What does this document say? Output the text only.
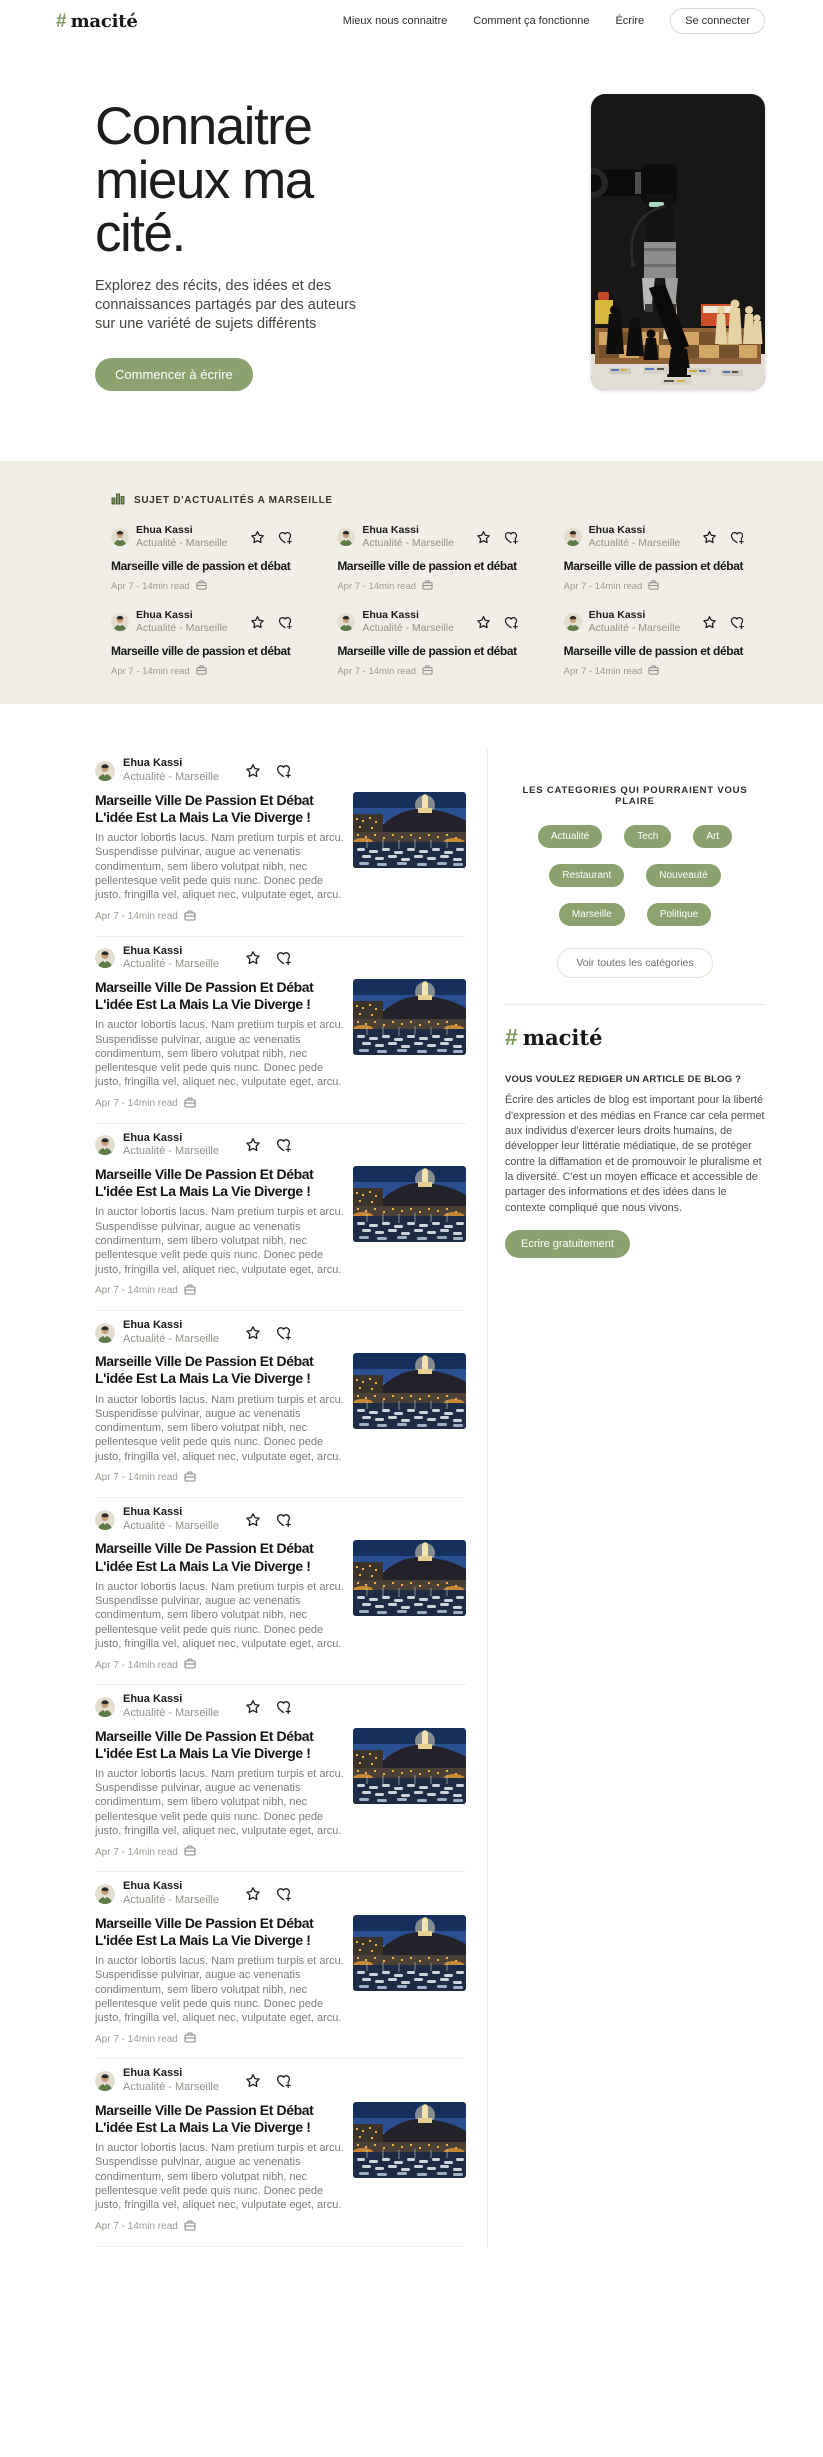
# macité	Mieux nous connaitre Comment ça fonctionne Écrire	Se connecter
Connaitre
mieux ma
cité.
Explorez des récits, des idées et des connaissances partagés par des auteurs sur une variété de sujets différents
Commencer à écrire
SUJET D'ACTUALITÉS A MARSEILLE
Ehua Kassi
Actualité - Marseille
Marseille ville de passion et débat
Apr 7 - 14min read
Ehua Kassi
Actualité - Marseille
Marseille ville de passion et débat
Apr 7 - 14min read
Ehua Kassi
Actualité - Marseille
Marseille ville de passion et débat
Apr 7 - 14min read
Ehua Kassi
Actualité - Marseille
Marseille ville de passion et débat
Apr 7 - 14min read
Ehua Kassi
Actualité - Marseille
Marseille ville de passion et débat
Apr 7 - 14min read
Ehua Kassi
Actualité - Marseille
Marseille ville de passion et débat
Apr 7 - 14min read
Ehua Kassi
Actualité - Marseille
Marseille Ville De Passion Et Débat L'idée Est La Mais La Vie Diverge !
In auctor lobortis lacus. Nam pretium turpis et arcu. Suspendisse pulvinar, augue ac venenatis condimentum, sem libero volutpat nibh, nec pellentesque velit pede quis nunc. Donec pede justo, fringilla vel, aliquet nec, vulputate eget, arcu.
Apr 7 - 14min read
Ehua Kassi
Actualité - Marseille
Marseille Ville De Passion Et Débat L'idée Est La Mais La Vie Diverge !
In auctor lobortis lacus. Nam pretium turpis et arcu. Suspendisse pulvinar, augue ac venenatis condimentum, sem libero volutpat nibh, nec pellentesque velit pede quis nunc. Donec pede justo, fringilla vel, aliquet nec, vulputate eget, arcu.
Apr 7 - 14min read
Ehua Kassi
Actualité - Marseille
Marseille Ville De Passion Et Débat L'idée Est La Mais La Vie Diverge !
In auctor lobortis lacus. Nam pretium turpis et arcu. Suspendisse pulvinar, augue ac venenatis condimentum, sem libero volutpat nibh, nec pellentesque velit pede quis nunc. Donec pede justo, fringilla vel, aliquet nec, vulputate eget, arcu.
Apr 7 - 14min read
Ehua Kassi
Actualité - Marseille
Marseille Ville De Passion Et Débat L'idée Est La Mais La Vie Diverge !
In auctor lobortis lacus. Nam pretium turpis et arcu. Suspendisse pulvinar, augue ac venenatis condimentum, sem libero volutpat nibh, nec pellentesque velit pede quis nunc. Donec pede justo, fringilla vel, aliquet nec, vulputate eget, arcu.
Apr 7 - 14min read
Ehua Kassi
Actualité - Marseille
Marseille Ville De Passion Et Débat L'idée Est La Mais La Vie Diverge !
In auctor lobortis lacus. Nam pretium turpis et arcu. Suspendisse pulvinar, augue ac venenatis condimentum, sem libero volutpat nibh, nec pellentesque velit pede quis nunc. Donec pede justo, fringilla vel, aliquet nec, vulputate eget, arcu.
Apr 7 - 14min read
Ehua Kassi
Actualité - Marseille
Marseille Ville De Passion Et Débat L'idée Est La Mais La Vie Diverge !
In auctor lobortis lacus. Nam pretium turpis et arcu. Suspendisse pulvinar, augue ac venenatis condimentum, sem libero volutpat nibh, nec pellentesque velit pede quis nunc. Donec pede justo, fringilla vel, aliquet nec, vulputate eget, arcu.
Apr 7 - 14min read
Ehua Kassi
Actualité - Marseille
Marseille Ville De Passion Et Débat L'idée Est La Mais La Vie Diverge !
In auctor lobortis lacus. Nam pretium turpis et arcu. Suspendisse pulvinar, augue ac venenatis condimentum, sem libero volutpat nibh, nec pellentesque velit pede quis nunc. Donec pede justo, fringilla vel, aliquet nec, vulputate eget, arcu.
Apr 7 - 14min read
Ehua Kassi
Actualité - Marseille
Marseille Ville De Passion Et Débat L'idée Est La Mais La Vie Diverge !
In auctor lobortis lacus. Nam pretium turpis et arcu. Suspendisse pulvinar, augue ac venenatis condimentum, sem libero volutpat nibh, nec pellentesque velit pede quis nunc. Donec pede justo, fringilla vel, aliquet nec, vulputate eget, arcu.
Apr 7 - 14min read
LES CATEGORIES QUI POURRAIENT VOUS PLAIRE
Actualité	Tech	Art
Restaurant	Nouveauté
Marseille	Politique
Voir toutes les catégories
# macité
VOUS VOULEZ REDIGER UN ARTICLE DE BLOG ?
Écrire des articles de blog est important pour la liberté d'expression et des médias en France car cela permet aux individus d'exercer leurs droits humains, de développer leur littératie médiatique, de se protéger contre la diffamation et de promouvoir le pluralisme et la diversité. C'est un moyen efficace et accessible de partager des informations et des idées dans le contexte compliqué que nous vivons.
Ecrire gratuitement
